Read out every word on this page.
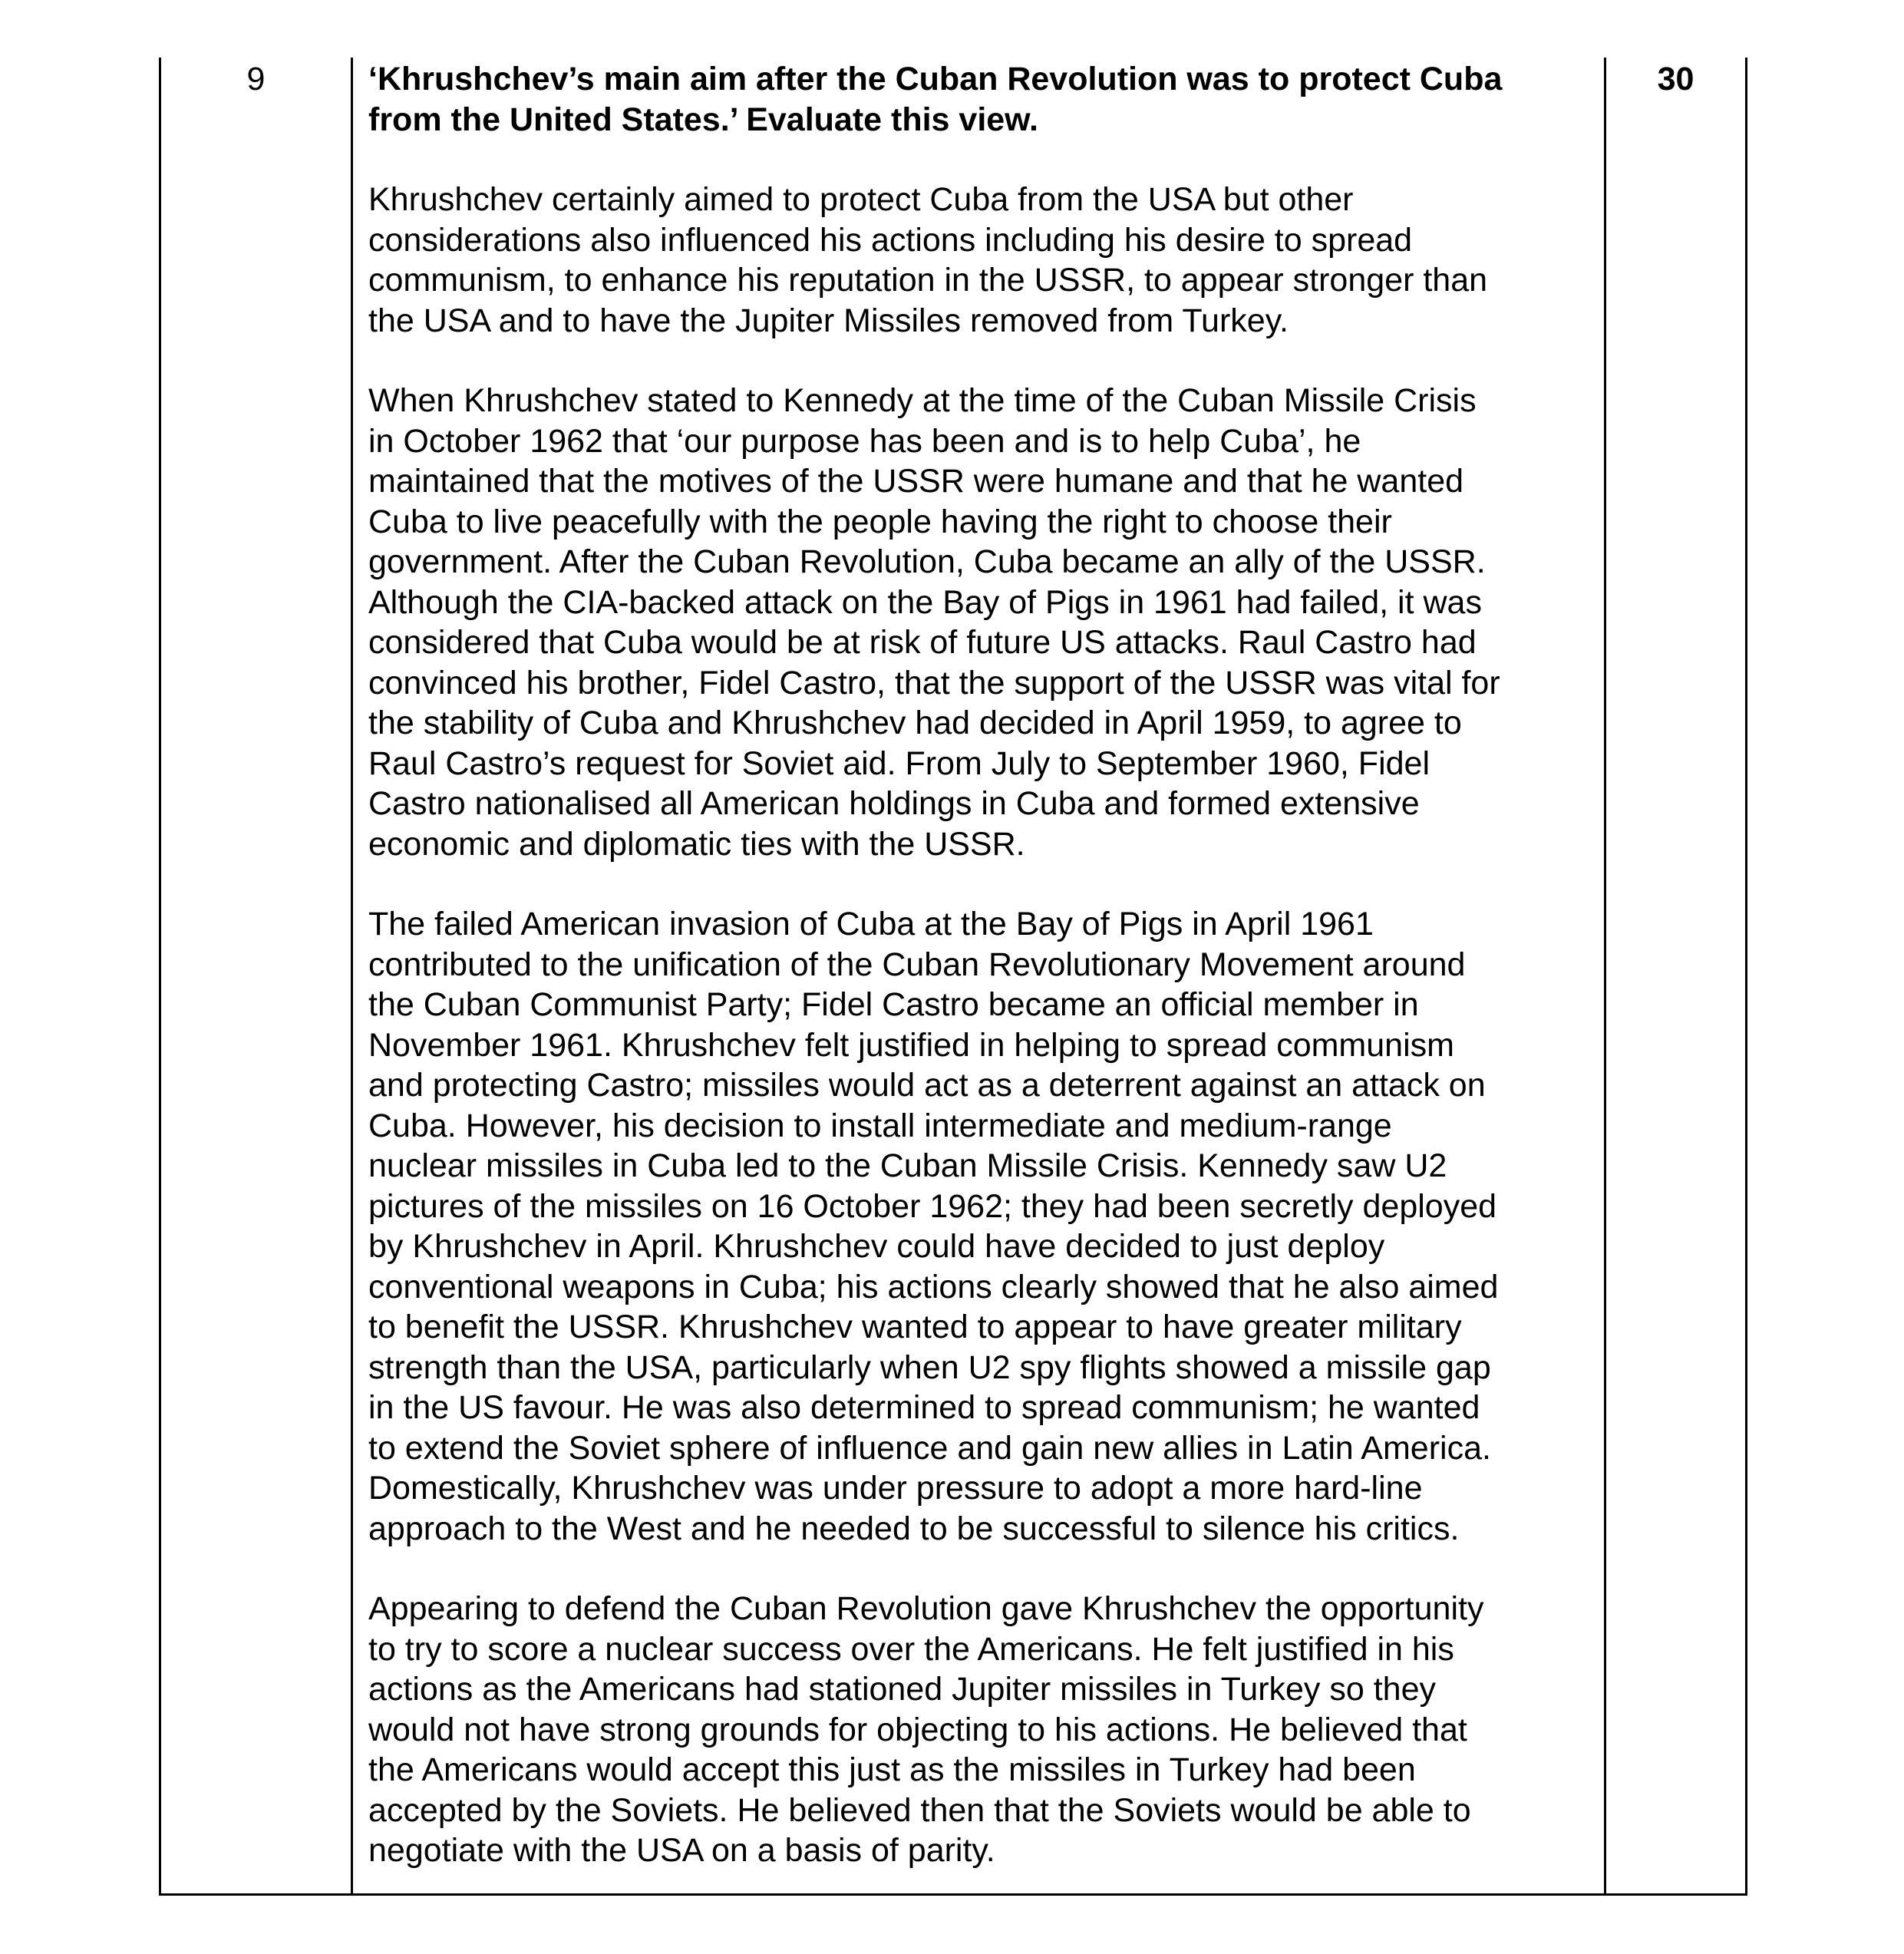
9	‘Khrushchev’s main aim after the Cuban Revolution was to protect Cuba
from the United States.’ Evaluate this view.
Khrushchev certainly aimed to protect Cuba from the USA but other
considerations also influenced his actions including his desire to spread
communism, to enhance his reputation in the USSR, to appear stronger than
the USA and to have the Jupiter Missiles removed from Turkey.
When Khrushchev stated to Kennedy at the time of the Cuban Missile Crisis
in October 1962 that ‘our purpose has been and is to help Cuba’, he
maintained that the motives of the USSR were humane and that he wanted
Cuba to live peacefully with the people having the right to choose their
government. After the Cuban Revolution, Cuba became an ally of the USSR.
Although the CIA-backed attack on the Bay of Pigs in 1961 had failed, it was
considered that Cuba would be at risk of future US attacks. Raul Castro had
convinced his brother, Fidel Castro, that the support of the USSR was vital for
the stability of Cuba and Khrushchev had decided in April 1959, to agree to
Raul Castro’s request for Soviet aid. From July to September 1960, Fidel
Castro nationalised all American holdings in Cuba and formed extensive
economic and diplomatic ties with the USSR.
The failed American invasion of Cuba at the Bay of Pigs in April 1961
contributed to the unification of the Cuban Revolutionary Movement around
the Cuban Communist Party; Fidel Castro became an official member in
November 1961. Khrushchev felt justified in helping to spread communism
and protecting Castro; missiles would act as a deterrent against an attack on
Cuba. However, his decision to install intermediate and medium-range
nuclear missiles in Cuba led to the Cuban Missile Crisis. Kennedy saw U2
pictures of the missiles on 16 October 1962; they had been secretly deployed
by Khrushchev in April. Khrushchev could have decided to just deploy
conventional weapons in Cuba; his actions clearly showed that he also aimed
to benefit the USSR. Khrushchev wanted to appear to have greater military
strength than the USA, particularly when U2 spy flights showed a missile gap
in the US favour. He was also determined to spread communism; he wanted
to extend the Soviet sphere of influence and gain new allies in Latin America.
Domestically, Khrushchev was under pressure to adopt a more hard-line
approach to the West and he needed to be successful to silence his critics.
Appearing to defend the Cuban Revolution gave Khrushchev the opportunity
to try to score a nuclear success over the Americans. He felt justified in his
actions as the Americans had stationed Jupiter missiles in Turkey so they
would not have strong grounds for objecting to his actions. He believed that
the Americans would accept this just as the missiles in Turkey had been
accepted by the Soviets. He believed then that the Soviets would be able to
negotiate with the USA on a basis of parity.
30
